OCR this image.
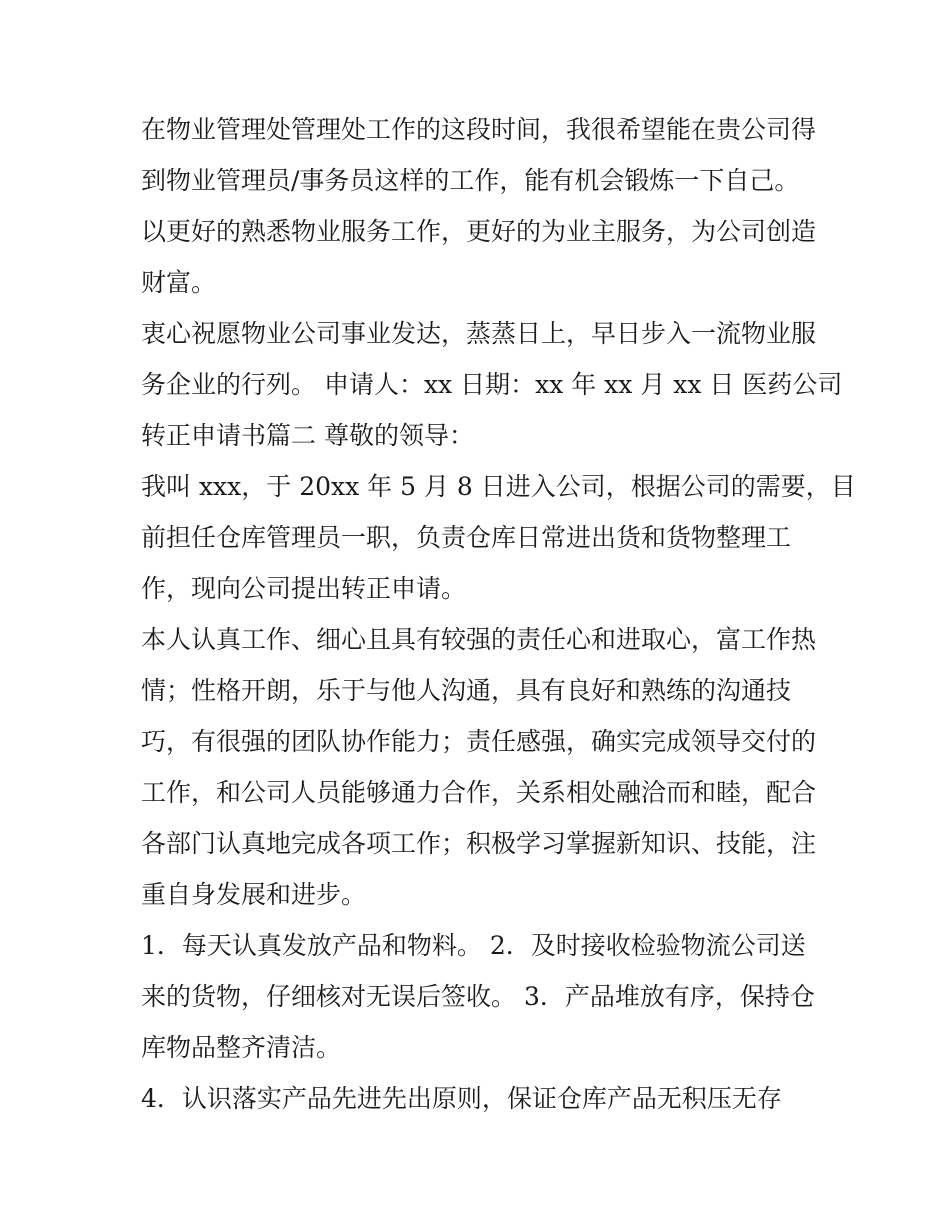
在物业管理处管理处工作的这段时间，我很希望能在贵公司得
到物业管理员/事务员这样的工作，能有机会锻炼一下自己。
以更好的熟悉物业服务工作，更好的为业主服务，为公司创造
财富。
衷心祝愿物业公司事业发达，蒸蒸日上，早日步入一流物业服
务企业的行列。 申请人：xx 日期：xx 年 xx 月 xx 日 医药公司
转正申请书篇二 尊敬的领导：
我叫 xxx，于 20xx 年 5 月 8 日进入公司，根据公司的需要，目
前担任仓库管理员一职，负责仓库日常进出货和货物整理工
作，现向公司提出转正申请。
本人认真工作、细心且具有较强的责任心和进取心，富工作热
情；性格开朗，乐于与他人沟通，具有良好和熟练的沟通技
巧，有很强的团队协作能力；责任感强，确实完成领导交付的
工作，和公司人员能够通力合作，关系相处融洽而和睦，配合
各部门认真地完成各项工作；积极学习掌握新知识、技能，注
重自身发展和进步。
1．每天认真发放产品和物料。 2．及时接收检验物流公司送
来的货物，仔细核对无误后签收。 3．产品堆放有序，保持仓
库物品整齐清洁。
4．认识落实产品先进先出原则，保证仓库产品无积压无存
